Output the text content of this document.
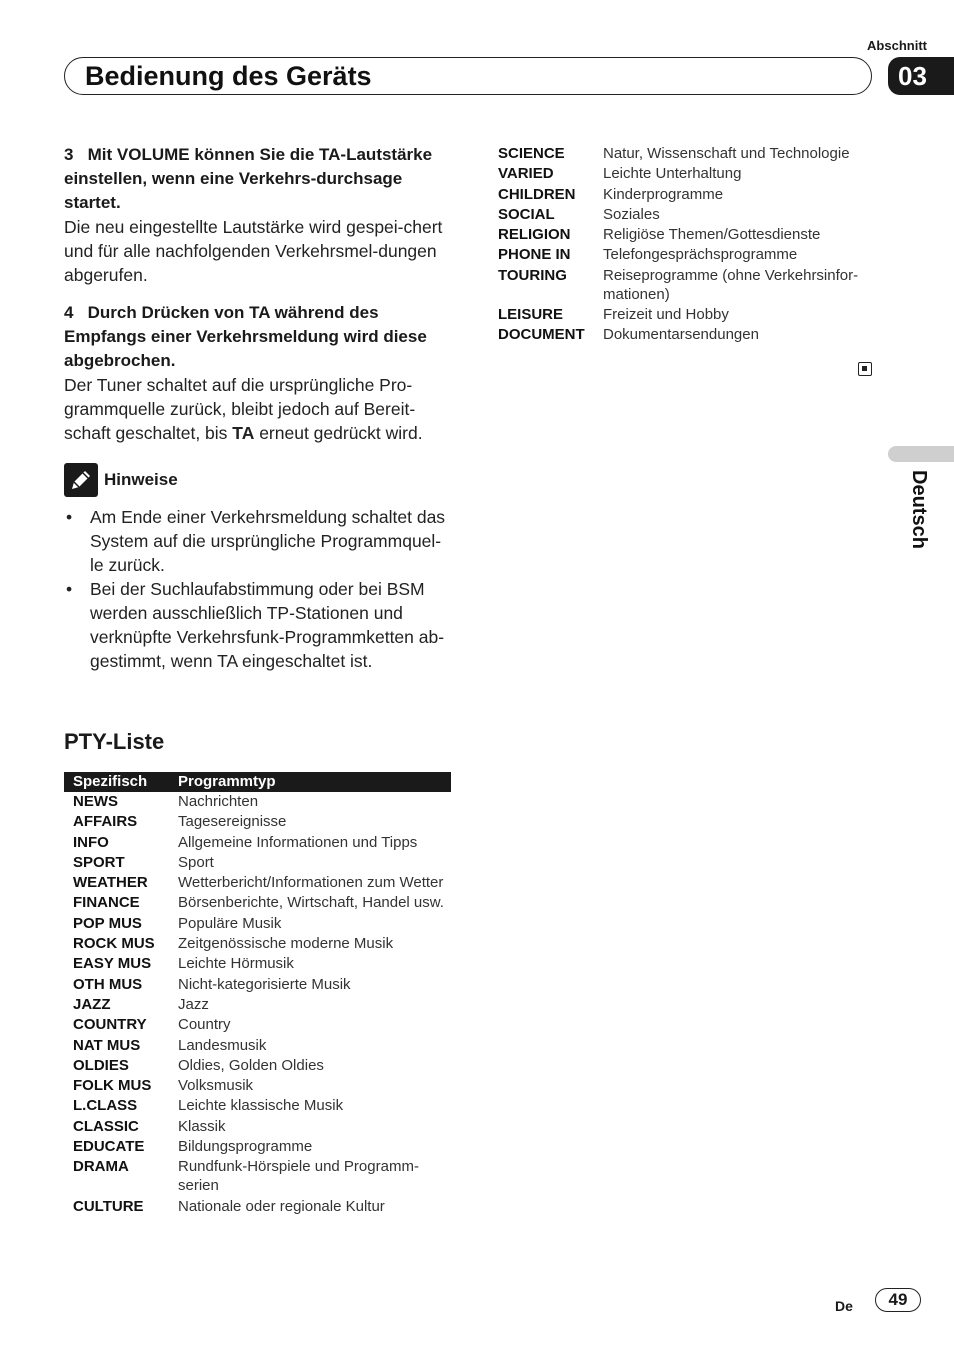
Abschnitt
Bedienung des Geräts	03

3   Mit VOLUME können Sie die TA-Lautstärke einstellen, wenn eine Verkehrs-durchsage startet.

Die neu eingestellte Lautstärke wird gespei-chert und für alle nachfolgenden Verkehrsmel-dungen abgerufen.

4   Durch Drücken von TA während des Empfangs einer Verkehrsmeldung wird diese abgebrochen.

Der Tuner schaltet auf die ursprüngliche Pro-grammquelle zurück, bleibt jedoch auf Bereit-schaft geschaltet, bis TA erneut gedrückt wird.

Hinweise
• Am Ende einer Verkehrsmeldung schaltet das System auf die ursprüngliche Programmquel-le zurück.
• Bei der Suchlaufabstimmung oder bei BSM werden ausschließlich TP-Stationen und verknüpfte Verkehrsfunk-Programmketten ab-gestimmt, wenn TA eingeschaltet ist.
PTY-Liste
Spezifisch	Programmtyp
NEWS	Nachrichten
AFFAIRS	Tagesereignisse
INFO	Allgemeine Informationen und Tipps
SPORT	Sport
WEATHER	Wetterbericht/Informationen zum Wetter
FINANCE	Börsenberichte, Wirtschaft, Handel usw.
POP MUS	Populäre Musik
ROCK MUS	Zeitgenössische moderne Musik
EASY MUS	Leichte Hörmusik
OTH MUS	Nicht-kategorisierte Musik
JAZZ	Jazz
COUNTRY	Country
NAT MUS	Landesmusik
OLDIES	Oldies, Golden Oldies
FOLK MUS	Volksmusik
L.CLASS	Leichte klassische Musik
CLASSIC	Klassik
EDUCATE	Bildungsprogramme
DRAMA	Rundfunk-Hörspiele und Programm-serien
CULTURE	Nationale oder regionale Kultur
SCIENCE	Natur, Wissenschaft und Technologie
VARIED	Leichte Unterhaltung
CHILDREN	Kinderprogramme
SOCIAL	Soziales
RELIGION	Religiöse Themen/Gottesdienste
PHONE IN	Telefongesprächsprogramme
TOURING	Reiseprogramme (ohne Verkehrsinfor-mationen)
LEISURE	Freizeit und Hobby
DOCUMENT	Dokumentarsendungen
Deutsch
De	49
